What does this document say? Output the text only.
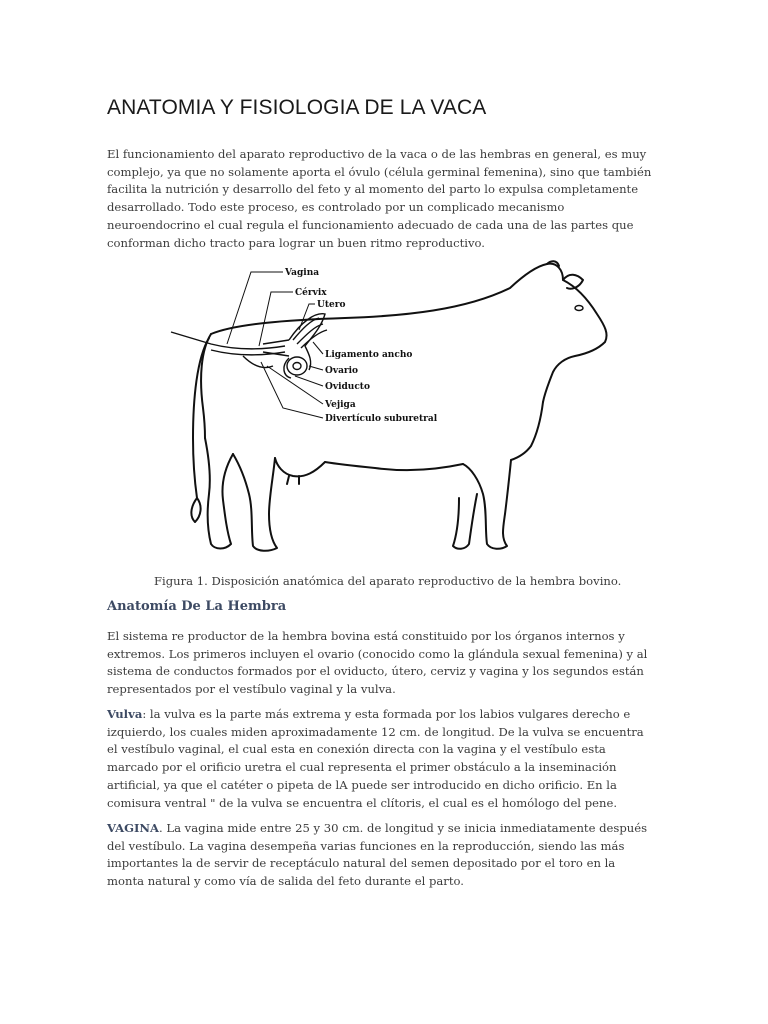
ANATOMIA Y FISIOLOGIA DE LA VACA

El funcionamiento del aparato reproductivo de la vaca o de las hembras en general, es muy complejo, ya que no solamente aporta el óvulo (célula germinal femenina), sino que también facilita la nutrición y desarrollo del feto y al momento del parto lo expulsa completamente desarrollado. Todo este proceso, es controlado por un complicado mecanismo neuroendocrino el cual regula el funcionamiento adecuado de cada una de las partes que conforman dicho tracto para lograr un buen ritmo reproductivo.

Vagina
Cérvix
Utero
Ligamento ancho
Ovario
Oviducto
Vejiga
Divertículo suburetral

Figura 1. Disposición anatómica del aparato reproductivo de la hembra bovino.

Anatomía De La Hembra

El sistema re productor de la hembra bovina está constituido por los órganos internos y extremos. Los primeros incluyen el ovario (conocido como la glándula sexual femenina) y al sistema de conductos formados por el oviducto, útero, cerviz y vagina y los segundos están representados por el vestíbulo vaginal y la vulva.

Vulva: la vulva es la parte más extrema y esta formada por los labios vulgares derecho e izquierdo, los cuales miden aproximadamente 12 cm. de longitud. De la vulva se encuentra el vestíbulo vaginal, el cual esta en conexión directa con la vagina y el vestíbulo esta marcado por el orificio uretra el cual representa el primer obstáculo a la inseminación artificial, ya que el catéter o pipeta de lA puede ser introducido en dicho orificio. En la comisura ventral " de la vulva se encuentra el clítoris, el cual es el homólogo del pene.

VAGINA. La vagina mide entre 25 y 30 cm. de longitud y se inicia inmediatamente después del vestíbulo. La vagina desempeña varias funciones en la reproducción, siendo las más importantes la de servir de receptáculo natural del semen depositado por el toro en la monta natural y como vía de salida del feto durante el parto.
